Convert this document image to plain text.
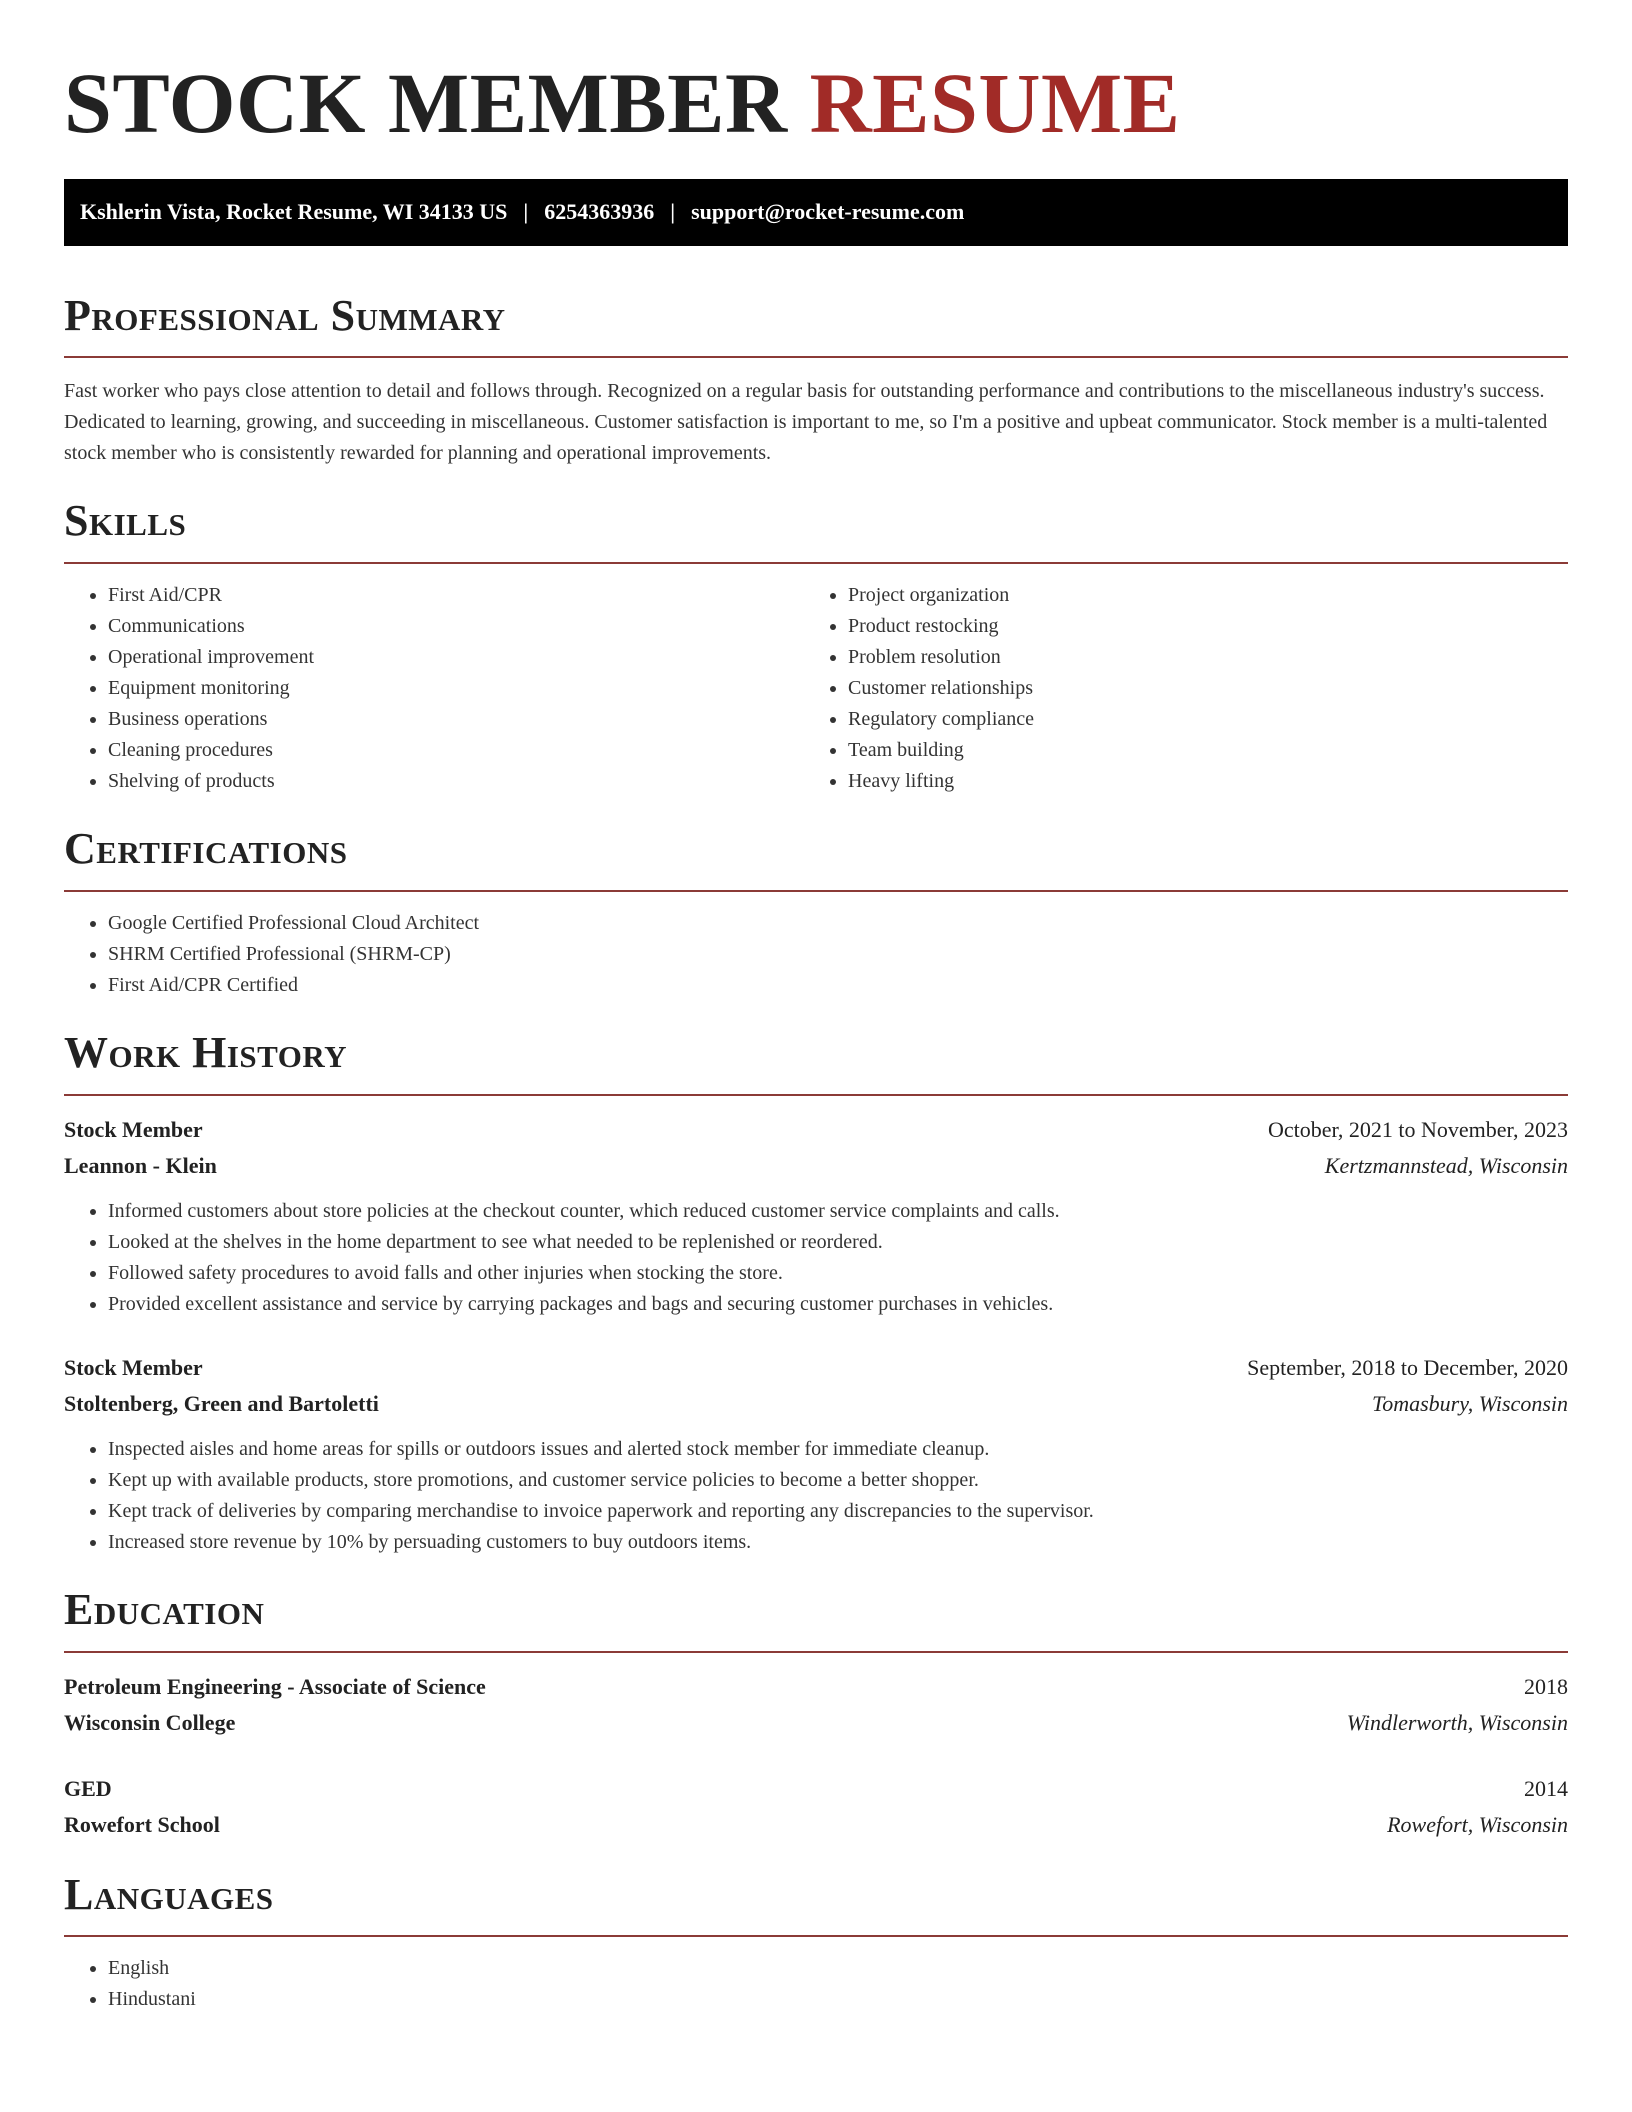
STOCK MEMBER RESUME
Kshlerin Vista, Rocket Resume, WI 34133 US | 6254363936 | support@rocket-resume.com
Professional Summary

Fast worker who pays close attention to detail and follows through. Recognized on a regular basis for outstanding performance and contributions to the miscellaneous industry's success. Dedicated to learning, growing, and succeeding in miscellaneous. Customer satisfaction is important to me, so I'm a positive and upbeat communicator. Stock member is a multi-talented stock member who is consistently rewarded for planning and operational improvements.

Skills
• First Aid/CPR
• Communications
• Operational improvement
• Equipment monitoring
• Business operations
• Cleaning procedures
• Shelving of products
• Project organization
• Product restocking
• Problem resolution
• Customer relationships
• Regulatory compliance
• Team building
• Heavy lifting
Certifications
• Google Certified Professional Cloud Architect
• SHRM Certified Professional (SHRM-CP)
• First Aid/CPR Certified
Work History
Stock Member	October, 2021 to November, 2023
Leannon - Klein	Kertzmannstead, Wisconsin
• Informed customers about store policies at the checkout counter, which reduced customer service complaints and calls.
• Looked at the shelves in the home department to see what needed to be replenished or reordered.
• Followed safety procedures to avoid falls and other injuries when stocking the store.
• Provided excellent assistance and service by carrying packages and bags and securing customer purchases in vehicles.
Stock Member	September, 2018 to December, 2020
Stoltenberg, Green and Bartoletti	Tomasbury, Wisconsin
• Inspected aisles and home areas for spills or outdoors issues and alerted stock member for immediate cleanup.
• Kept up with available products, store promotions, and customer service policies to become a better shopper.
• Kept track of deliveries by comparing merchandise to invoice paperwork and reporting any discrepancies to the supervisor.
• Increased store revenue by 10% by persuading customers to buy outdoors items.
Education
Petroleum Engineering - Associate of Science	2018
Wisconsin College	Windlerworth, Wisconsin
GED	2014
Rowefort School	Rowefort, Wisconsin
Languages
• English
• Hindustani
